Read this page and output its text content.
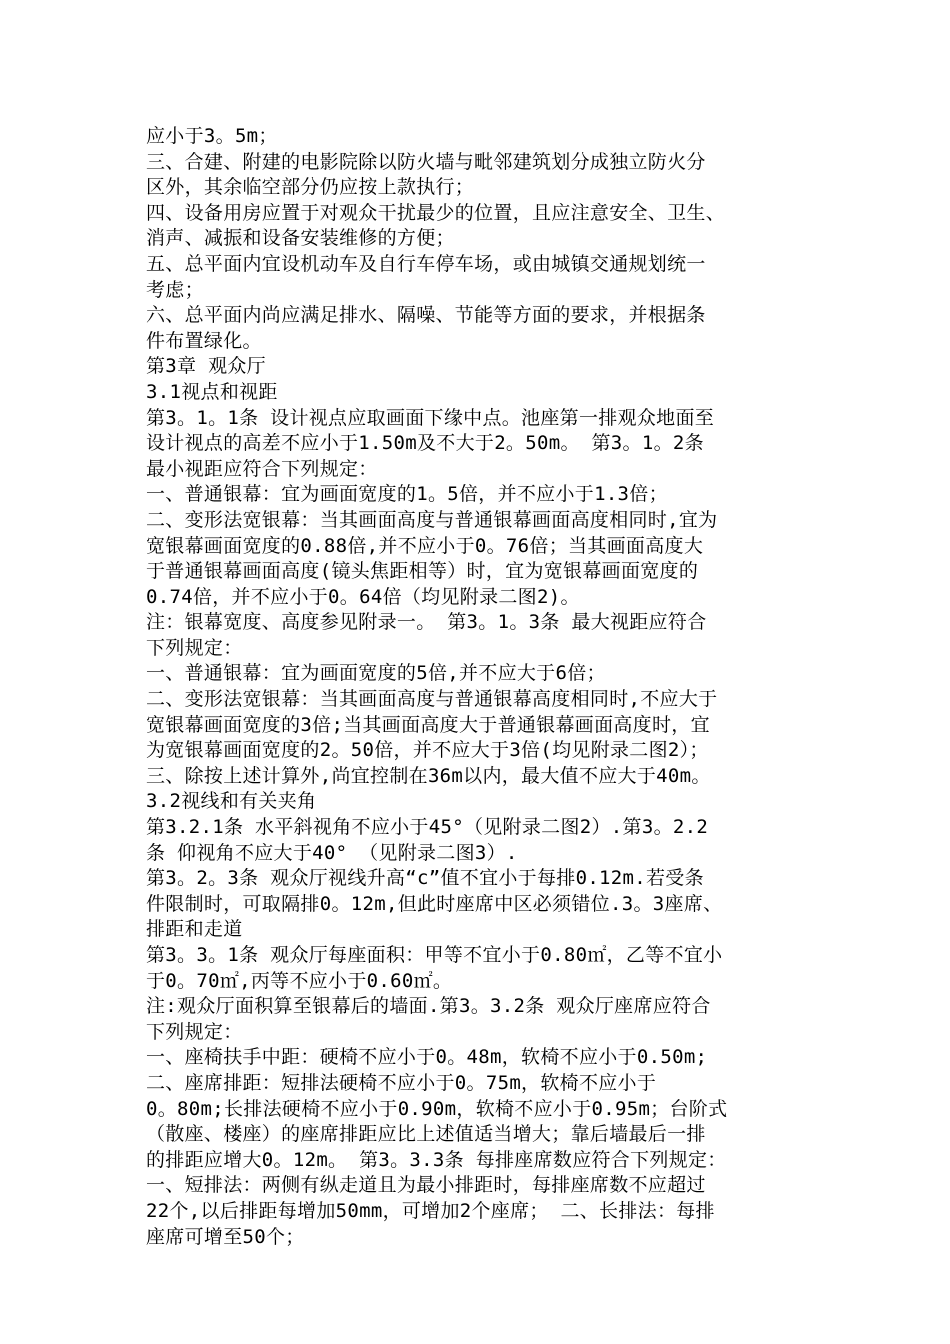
应小于3。5m；
三、合建、附建的电影院除以防火墙与毗邻建筑划分成独立防火分
区外，其余临空部分仍应按上款执行；
四、设备用房应置于对观众干扰最少的位置，且应注意安全、卫生、
消声、减振和设备安装维修的方便；
五、总平面内宜设机动车及自行车停车场，或由城镇交通规划统一
考虑；
六、总平面内尚应满足排水、隔噪、节能等方面的要求，并根据条
件布置绿化。
第3章 观众厅
3.1视点和视距
第3。1。1条 设计视点应取画面下缘中点。池座第一排观众地面至
设计视点的高差不应小于1.50m及不大于2。50m。 第3。1。2条
最小视距应符合下列规定：
一、普通银幕：宜为画面宽度的1。5倍，并不应小于1.3倍；
二、变形法宽银幕：当其画面高度与普通银幕画面高度相同时,宜为
宽银幕画面宽度的0.88倍,并不应小于0。76倍；当其画面高度大
于普通银幕画面高度(镜头焦距相等）时，宜为宽银幕画面宽度的
0.74倍，并不应小于0。64倍（均见附录二图2)。
注：银幕宽度、高度参见附录一。 第3。1。3条 最大视距应符合
下列规定：
一、普通银幕：宜为画面宽度的5倍,并不应大于6倍；
二、变形法宽银幕：当其画面高度与普通银幕高度相同时,不应大于
宽银幕画面宽度的3倍;当其画面高度大于普通银幕画面高度时，宜
为宽银幕画面宽度的2。50倍，并不应大于3倍(均见附录二图2）；
三、除按上述计算外,尚宜控制在36m以内，最大值不应大于40m。
3.2视线和有关夹角
第3.2.1条 水平斜视角不应小于45°（见附录二图2）.第3。2.2
条 仰视角不应大于40° （见附录二图3）.
第3。2。3条 观众厅视线升高“c”值不宜小于每排0.12m.若受条
件限制时，可取隔排0。12m,但此时座席中区必须错位.3。3座席、
排距和走道
第3。3。1条 观众厅每座面积：甲等不宜小于0.80㎡，乙等不宜小
于0。70㎡,丙等不应小于0.60㎡。
注:观众厅面积算至银幕后的墙面.第3。3.2条 观众厅座席应符合
下列规定：
一、座椅扶手中距：硬椅不应小于0。48m，软椅不应小于0.50m;
二、座席排距：短排法硬椅不应小于0。75m，软椅不应小于
0。80m;长排法硬椅不应小于0.90m，软椅不应小于0.95m；台阶式
（散座、楼座）的座席排距应比上述值适当增大；靠后墙最后一排
的排距应增大0。12m。 第3。3.3条 每排座席数应符合下列规定：
一、短排法：两侧有纵走道且为最小排距时，每排座席数不应超过
22个,以后排距每增加50mm，可增加2个座席； 二、长排法：每排
座席可增至50个；
